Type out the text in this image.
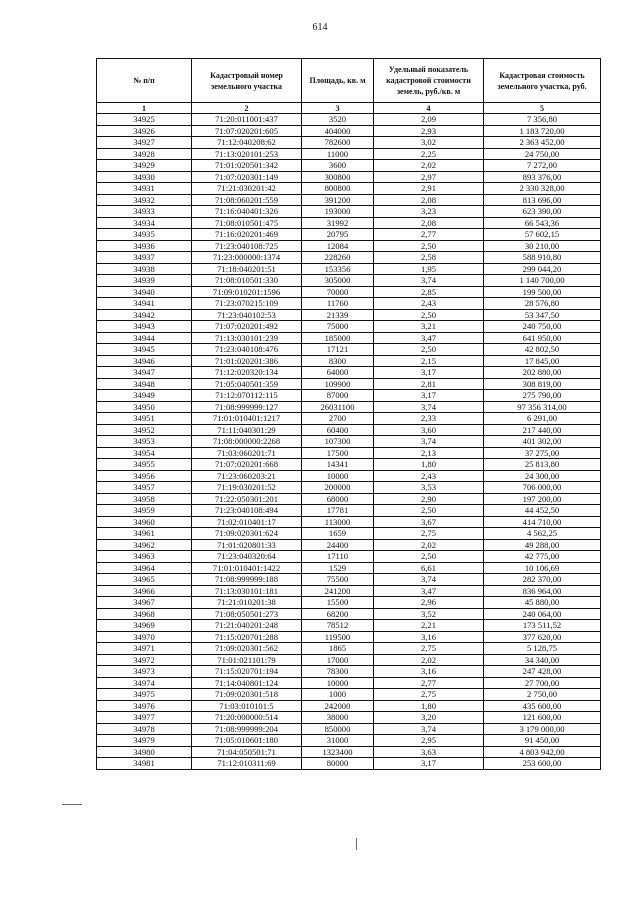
614
№ п/п	Кадастровый номер земельного участка	Площадь, кв. м	Удельный показатель кадастровой стоимости земель, руб./кв. м	Кадастровая стоимость земельного участка, руб.
1	2	3	4	5
34925	71:20:011001:437	3520	2,09	7 356,80
34926	71:07:020201:605	404000	2,93	1 183 720,00
34927	71:12:040208:62	782600	3,02	2 363 452,00
34928	71:13:020101:253	11000	2,25	24 750,00
34929	71:01:020501:342	3600	2,02	7 272,00
34930	71:07:020301:149	300800	2,97	893 376,00
34931	71:21:030201:42	800800	2,91	2 330 328,00
34932	71:08:060201:559	391200	2,08	813 696,00
34933	71:16:040401:326	193000	3,23	623 390,00
34934	71:08:010501:475	31992	2,08	66 543,36
34935	71:16:020201:469	20795	2,77	57 602,15
34936	71:23:040108:725	12084	2,50	30 210,00
34937	71:23:000000:1374	228260	2,58	588 910,80
34938	71:18:040201:51	153356	1,95	299 044,20
34939	71:08:010501:330	305000	3,74	1 140 700,00
34940	71:09:010201:1596	70000	2,85	199 500,00
34941	71:23:070215:109	11760	2,43	28 576,80
34942	71:23:040102:53	21339	2,50	53 347,50
34943	71:07:020201:492	75000	3,21	240 750,00
34944	71:13:030101:239	185000	3,47	641 950,00
34945	71:23:040108:476	17121	2,50	42 802,50
34946	71:01:020201:386	8300	2,15	17 845,00
34947	71:12:020320:134	64000	3,17	202 880,00
34948	71:05:040501:359	109900	2,81	308 819,00
34949	71:12:070112:115	87000	3,17	275 790,00
34950	71:08:999999:127	26031100	3,74	97 356 314,00
34951	71:01:010401:1217	2700	2,33	6 291,00
34952	71:11:040301:29	60400	3,60	217 440,00
34953	71:08:000000:2268	107300	3,74	401 302,00
34954	71:03:060201:71	17500	2,13	37 275,00
34955	71:07:020201:668	14341	1,80	25 813,80
34956	71:23:060203:21	10000	2,43	24 300,00
34957	71:19:030201:52	200000	3,53	706 000,00
34958	71:22:050301:201	68000	2,90	197 200,00
34959	71:23:040108:494	17781	2,50	44 452,50
34960	71:02:010401:17	113000	3,67	414 710,00
34961	71:09:020301:624	1659	2,75	4 562,25
34962	71:01:020801:33	24400	2,02	49 288,00
34963	71:23:040320:64	17110	2,50	42 775,00
34964	71:01:010401:1422	1529	6,61	10 106,69
34965	71:08:999999:188	75500	3,74	282 370,00
34966	71:13:030101:181	241200	3,47	836 964,00
34967	71:21:010201:38	15500	2,96	45 880,00
34968	71:08:050501:273	68200	3,52	240 064,00
34969	71:21:040201:248	78512	2,21	173 511,52
34970	71:15:020701:288	119500	3,16	377 620,00
34971	71:09:020301:562	1865	2,75	5 128,75
34972	71:01:021101:79	17000	2,02	34 340,00
34973	71:15:020701:194	78300	3,16	247 428,00
34974	71:14:040801:124	10000	2,77	27 700,00
34975	71:09:020301:518	1000	2,75	2 750,00
34976	71:03:010101:5	242000	1,80	435 600,00
34977	71:20:000000:514	38000	3,20	121 600,00
34978	71:08:999999:204	850000	3,74	3 179 000,00
34979	71:05:010601:180	31000	2,95	91 450,00
34980	71:04:050501:71	1323400	3,63	4 803 942,00
34981	71:12:010311:69	80000	3,17	253 600,00
